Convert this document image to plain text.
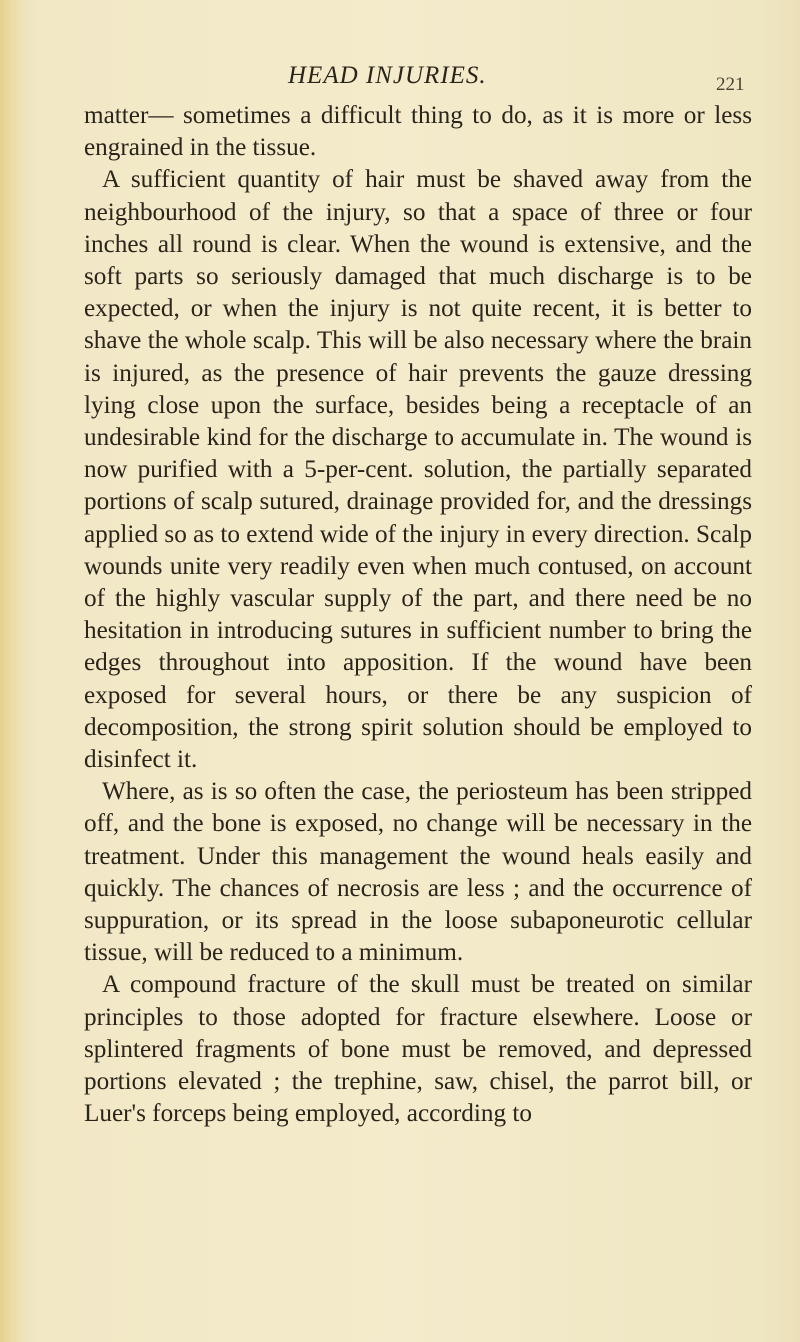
HEAD INJURIES.	221

matter— sometimes a difficult thing to do, as it is more or less engrained in the tissue.

A sufficient quantity of hair must be shaved away from the neighbourhood of the injury, so that a space of three or four inches all round is clear. When the wound is extensive, and the soft parts so seriously damaged that much discharge is to be expected, or when the injury is not quite recent, it is better to shave the whole scalp. This will be also necessary where the brain is injured, as the presence of hair prevents the gauze dressing lying close upon the surface, besides being a receptacle of an undesirable kind for the discharge to accumulate in. The wound is now purified with a 5-per-cent. solution, the partially separated portions of scalp sutured, drainage provided for, and the dressings applied so as to extend wide of the injury in every direction. Scalp wounds unite very readily even when much contused, on account of the highly vascular supply of the part, and there need be no hesitation in introducing sutures in sufficient number to bring the edges throughout into apposition. If the wound have been exposed for several hours, or there be any suspicion of decomposition, the strong spirit solution should be employed to disinfect it.

Where, as is so often the case, the periosteum has been stripped off, and the bone is exposed, no change will be necessary in the treatment. Under this management the wound heals easily and quickly. The chances of necrosis are less ; and the occurrence of suppuration, or its spread in the loose subaponeurotic cellular tissue, will be reduced to a minimum.

A compound fracture of the skull must be treated on similar principles to those adopted for fracture elsewhere. Loose or splintered fragments of bone must be removed, and depressed portions elevated ; the trephine, saw, chisel, the parrot bill, or Luer's forceps being employed, according to
